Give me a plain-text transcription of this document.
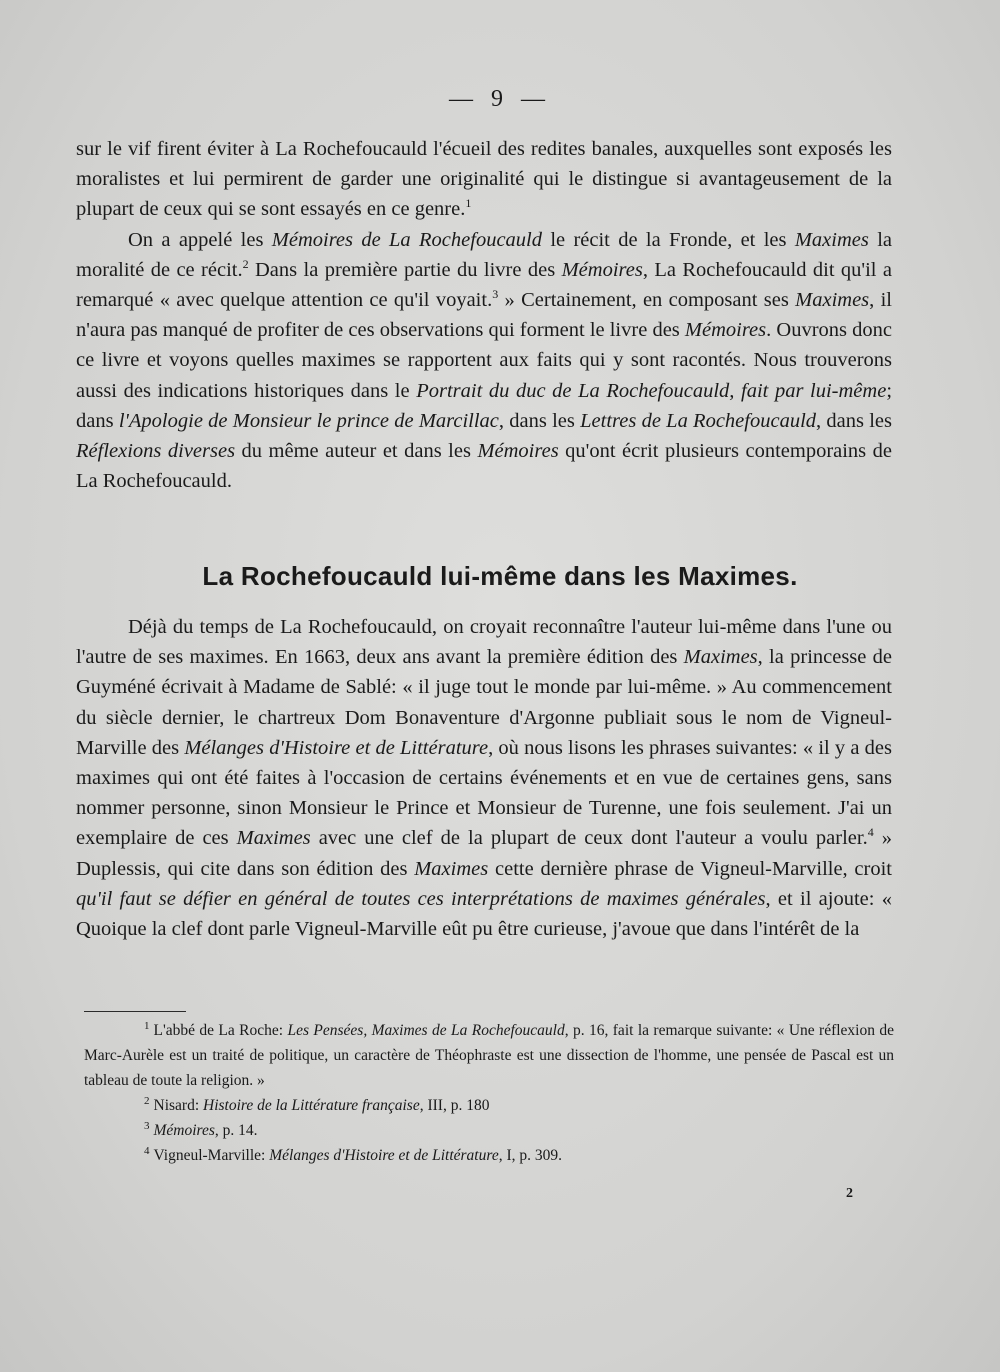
— 9 —

sur le vif firent éviter à La Rochefoucauld l'écueil des redites banales, auxquelles sont exposés les moralistes et lui permirent de garder une originalité qui le distingue si avantageusement de la plupart de ceux qui se sont essayés en ce genre.$^1$

On a appelé les Mémoires de La Rochefoucauld le récit de la Fronde, et les Maximes la moralité de ce récit.$^2$ Dans la première partie du livre des Mémoires, La Rochefoucauld dit qu'il a remarqué « avec quelque attention ce qu'il voyait.$^3$ » Certainement, en composant ses Maximes, il n'aura pas manqué de profiter de ces observations qui forment le livre des Mémoires. Ouvrons donc ce livre et voyons quelles maximes se rapportent aux faits qui y sont racontés. Nous trouverons aussi des indications historiques dans le Portrait du duc de La Rochefoucauld, fait par lui-même; dans l'Apologie de Monsieur le prince de Marcillac, dans les Lettres de La Rochefoucauld, dans les Réflexions diverses du même auteur et dans les Mémoires qu'ont écrit plusieurs contemporains de La Rochefoucauld.

La Rochefoucauld lui-même dans les Maximes.

Déjà du temps de La Rochefoucauld, on croyait reconnaître l'auteur lui-même dans l'une ou l'autre de ses maximes. En 1663, deux ans avant la première édition des Maximes, la princesse de Guyméné écrivait à Madame de Sablé: « il juge tout le monde par lui-même. » Au commencement du siècle dernier, le chartreux Dom Bonaventure d'Argonne publiait sous le nom de Vigneul-Marville des Mélanges d'Histoire et de Littérature, où nous lisons les phrases suivantes: « il y a des maximes qui ont été faites à l'occasion de certains événements et en vue de certaines gens, sans nommer personne, sinon Monsieur le Prince et Monsieur de Turenne, une fois seulement. J'ai un exemplaire de ces Maximes avec une clef de la plupart de ceux dont l'auteur a voulu parler.$^4$ » Duplessis, qui cite dans son édition des Maximes cette dernière phrase de Vigneul-Marville, croit qu'il faut se défier en général de toutes ces interprétations de maximes générales, et il ajoute: « Quoique la clef dont parle Vigneul-Marville eût pu être curieuse, j'avoue que dans l'intérêt de la

$^1$ L'abbé de La Roche: Les Pensées, Maximes de La Rochefoucauld, p. 16, fait la remarque suivante: « Une réflexion de Marc-Aurèle est un traité de politique, un caractère de Théophraste est une dissection de l'homme, une pensée de Pascal est un tableau de toute la religion. »

$^2$ Nisard: Histoire de la Littérature française, III, p. 180

$^3$ Mémoires, p. 14.

$^4$ Vigneul-Marville: Mélanges d'Histoire et de Littérature, I, p. 309.

2
